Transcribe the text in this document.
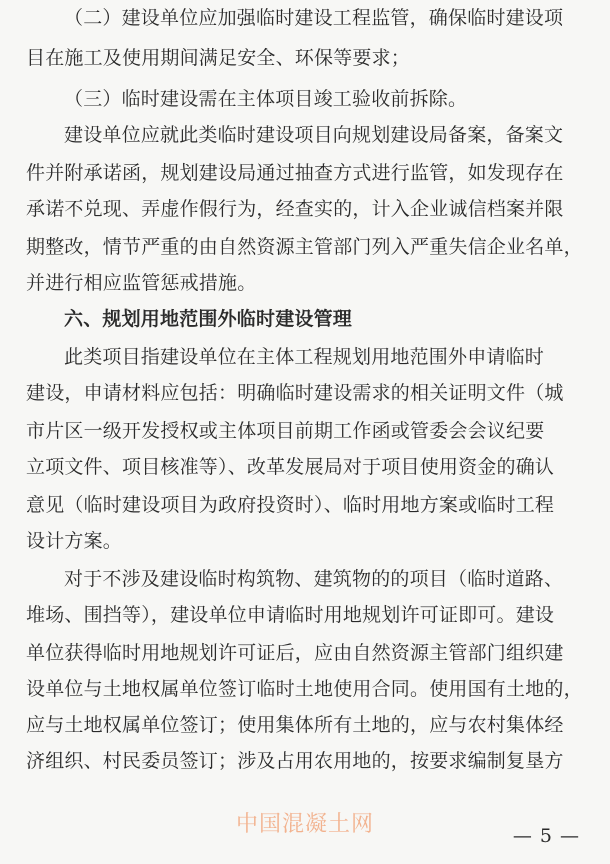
（二）建设单位应加强临时建设工程监管，确保临时建设项
目在施工及使用期间满足安全、环保等要求；
（三）临时建设需在主体项目竣工验收前拆除。
建设单位应就此类临时建设项目向规划建设局备案，备案文
件并附承诺函，规划建设局通过抽查方式进行监管，如发现存在
承诺不兑现、弄虚作假行为，经查实的，计入企业诚信档案并限
期整改，情节严重的由自然资源主管部门列入严重失信企业名单，
并进行相应监管惩戒措施。
六、规划用地范围外临时建设管理
此类项目指建设单位在主体工程规划用地范围外申请临时
建设，申请材料应包括：明确临时建设需求的相关证明文件（城
市片区一级开发授权或主体项目前期工作函或管委会会议纪要
立项文件、项目核准等）、改革发展局对于项目使用资金的确认
意见（临时建设项目为政府投资时）、临时用地方案或临时工程
设计方案。
对于不涉及建设临时构筑物、建筑物的的项目（临时道路、
堆场、围挡等），建设单位申请临时用地规划许可证即可。建设
单位获得临时用地规划许可证后，应由自然资源主管部门组织建
设单位与土地权属单位签订临时土地使用合同。使用国有土地的，
应与土地权属单位签订；使用集体所有土地的，应与农村集体经
济组织、村民委员签订；涉及占用农用地的，按要求编制复垦方
中国混凝土网	— 5 —
